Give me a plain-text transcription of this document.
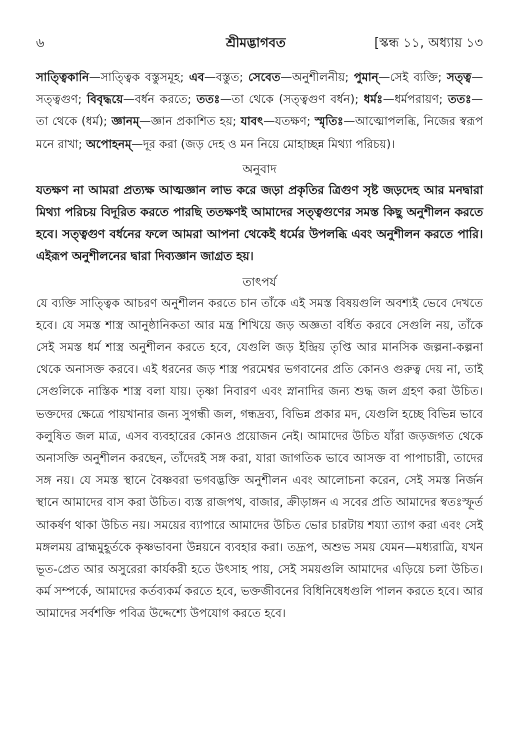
৬	শ্রীমদ্ভাগবত	[স্কন্ধ ১১, অধ্যায় ১৩
সাত্ত্বিকানি—সাত্ত্বিক বস্তুসমূহ; এব—বস্তুত; সেবেত—অনুশীলনীয়; পুমান্—সেই ব্যক্তি; সত্ত্ব—সত্ত্বগুণ; বিবৃদ্ধয়ে—বর্ধন করতে; ততঃ—তা থেকে (সত্ত্বগুণ বর্ধন); ধর্মঃ—ধর্মপরায়ণ; ততঃ—তা থেকে (ধর্ম); জ্ঞানম্—জ্ঞান প্রকাশিত হয়; যাবৎ—যতক্ষণ; স্মৃতিঃ—আত্মোপলব্ধি, নিজের স্বরূপ মনে রাখা; অপোহনম্—দূর করা (জড় দেহ ও মন নিয়ে মোহাচ্ছন্ন মিথ্যা পরিচয়)।
অনুবাদ
যতক্ষণ না আমরা প্রত্যক্ষ আত্মজ্ঞান লাভ করে জড়া প্রকৃতির ত্রিগুণ সৃষ্ট জড়দেহ আর মনদ্বারা মিথ্যা পরিচয় বিদূরিত করতে পারছি ততক্ষণই আমাদের সত্ত্বগুণের সমস্ত কিছু অনুশীলন করতে হবে। সত্ত্বগুণ বর্ধনের ফলে আমরা আপনা থেকেই ধর্মের উপলব্ধি এবং অনুশীলন করতে পারি। এইরূপ অনুশীলনের দ্বারা দিব্যজ্ঞান জাগ্রত হয়।
তাৎপর্য
যে ব্যক্তি সাত্ত্বিক আচরণ অনুশীলন করতে চান তাঁকে এই সমস্ত বিষয়গুলি অবশ্যই ভেবে দেখতে হবে। যে সমস্ত শাস্ত্র আনুষ্ঠানিকতা আর মন্ত্র শিখিয়ে জড় অজ্ঞতা বর্ধিত করবে সেগুলি নয়, তাঁকে সেই সমস্ত ধর্ম শাস্ত্র অনুশীলন করতে হবে, যেগুলি জড় ইন্দ্রিয় তৃপ্তি আর মানসিক জল্পনা-কল্পনা থেকে অনাসক্ত করবে। এই ধরনের জড় শাস্ত্র পরমেশ্বর ভগবানের প্রতি কোনও গুরুত্ব দেয় না, তাই সেগুলিকে নাস্তিক শাস্ত্র বলা যায়। তৃষ্ণা নিবারণ এবং স্নানাদির জন্য শুদ্ধ জল গ্রহণ করা উচিত। ভক্তদের ক্ষেত্রে পায়খানার জন্য সুগন্ধী জল, গন্ধদ্রব্য, বিভিন্ন প্রকার মদ, যেগুলি হচ্ছে বিভিন্ন ভাবে কলুষিত জল মাত্র, এসব ব্যবহারের কোনও প্রয়োজন নেই। আমাদের উচিত যাঁরা জড়জগত থেকে অনাসক্তি অনুশীলন করছেন, তাঁদেরই সঙ্গ করা, যারা জাগতিক ভাবে আসক্ত বা পাপাচারী, তাদের সঙ্গ নয়। যে সমস্ত স্থানে বৈষ্ণবরা ভগবদ্ভক্তি অনুশীলন এবং আলোচনা করেন, সেই সমস্ত নির্জন স্থানে আমাদের বাস করা উচিত। ব্যস্ত রাজপথ, বাজার, ক্রীড়াঙ্গন এ সবের প্রতি আমাদের স্বতঃস্ফূর্ত আকর্ষণ থাকা উচিত নয়। সময়ের ব্যাপারে আমাদের উচিত ভোর চারটায় শয্যা ত্যাগ করা এবং সেই মঙ্গলময় ব্রাহ্মমুহূর্তকে কৃষ্ণভাবনা উন্নয়নে ব্যবহার করা। তদ্রূপ, অশুভ সময় যেমন—মধ্যরাত্রি, যখন ভূত-প্রেত আর অসুরেরা কার্যকরী হতে উৎসাহ পায়, সেই সময়গুলি আমাদের এড়িয়ে চলা উচিত। কর্ম সম্পর্কে, আমাদের কর্তব্যকর্ম করতে হবে, ভক্তজীবনের বিধিনিষেধগুলি পালন করতে হবে। আর আমাদের সর্বশক্তি পবিত্র উদ্দেশ্যে উপযোগ করতে হবে।
